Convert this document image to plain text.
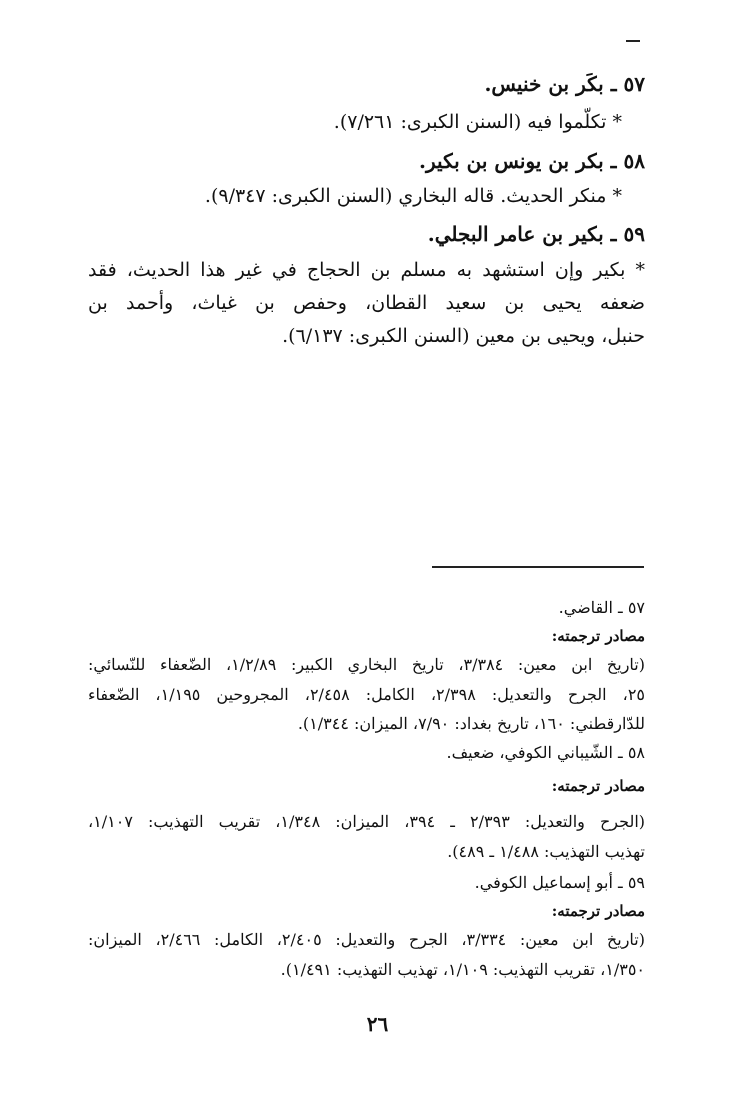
٥٧ ـ بكَر بن خنيس.
* تكلّموا فيه (السنن الكبرى: ٧/٢٦١).
٥٨ ـ بكر بن يونس بن بكير.
* منكر الحديث. قاله البخاري (السنن الكبرى: ٩/٣٤٧).
٥٩ ـ بكير بن عامر البجلي.
* بكير وإن استشهد به مسلم بن الحجاج في غير هذا الحديث، فقد
ضعفه يحيى بن سعيد القطان، وحفص بن غياث، وأحمد بن
حنبل، ويحيى بن معين (السنن الكبرى: ٦/١٣٧).
٥٧ ـ القاضي.
مصادر ترجمته:
(تاريخ ابن معين: ٣/٣٨٤، تاريخ البخاري الكبير: ١/٢/٨٩، الضّعفاء للنّسائي:
٢٥، الجرح والتعديل: ٢/٣٩٨، الكامل: ٢/٤٥٨، المجروحين ١/١٩٥، الضّعفاء
للدّارقطني: ١٦٠، تاريخ بغداد: ٧/٩٠، الميزان: ١/٣٤٤).
٥٨ ـ الشّيباني الكوفي، ضعيف.
مصادر ترجمته:
(الجرح والتعديل: ٢/٣٩٣ ـ ٣٩٤، الميزان: ١/٣٤٨، تقريب التهذيب: ١/١٠٧،
تهذيب التهذيب: ١/٤٨٨ ـ ٤٨٩).
٥٩ ـ أبو إسماعيل الكوفي.
مصادر ترجمته:
(تاريخ ابن معين: ٣/٣٣٤، الجرح والتعديل: ٢/٤٠٥، الكامل: ٢/٤٦٦، الميزان:
١/٣٥٠، تقريب التهذيب: ١/١٠٩، تهذيب التهذيب: ١/٤٩١).
٢٦
